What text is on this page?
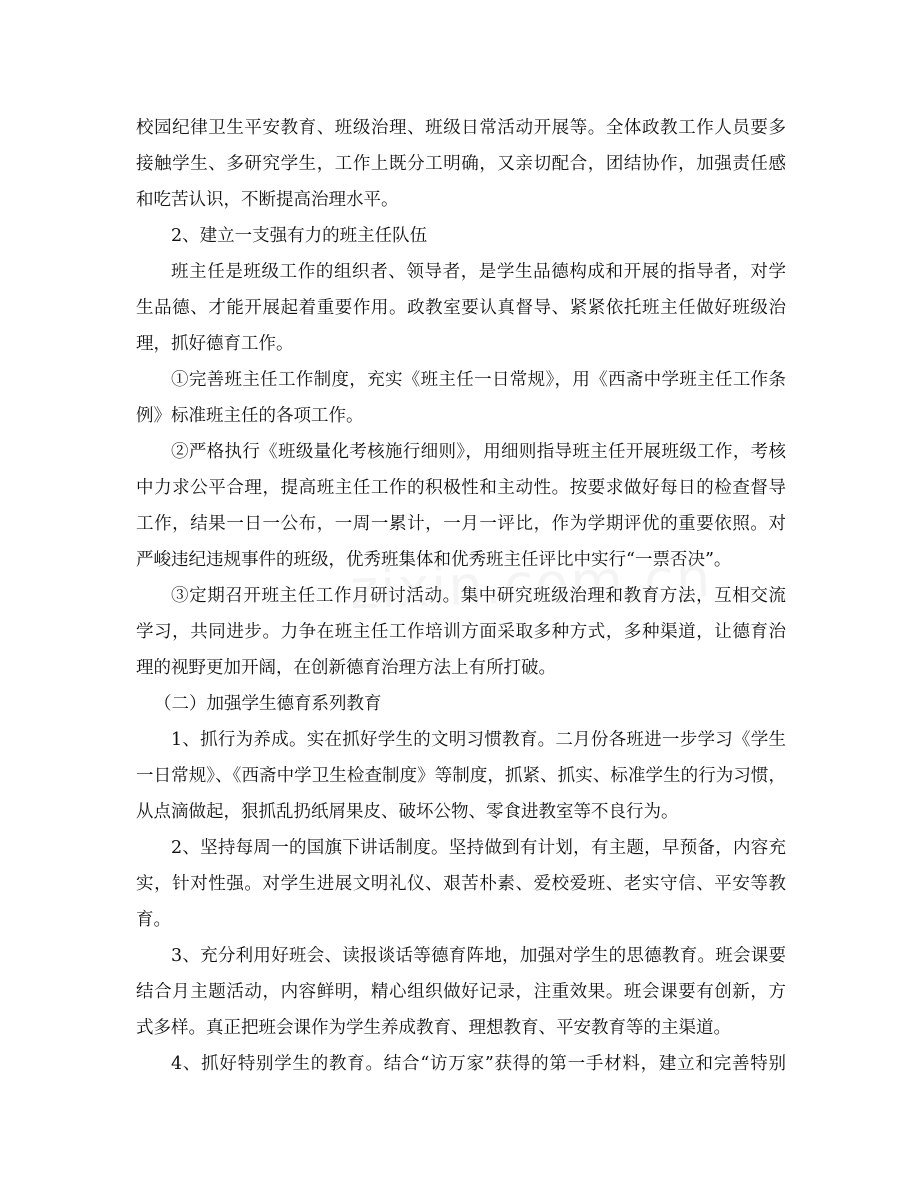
校园纪律卫生平安教育、班级治理、班级日常活动开展等。全体政教工作人员要多
接触学生、多研究学生，工作上既分工明确，又亲切配合，团结协作，加强责任感
和吃苦认识，不断提高治理水平。
2、建立一支强有力的班主任队伍
班主任是班级工作的组织者、领导者，是学生品德构成和开展的指导者，对学
生品德、才能开展起着重要作用。政教室要认真督导、紧紧依托班主任做好班级治
理，抓好德育工作。
①完善班主任工作制度，充实《班主任一日常规》，用《西斋中学班主任工作条
例》标准班主任的各项工作。
②严格执行《班级量化考核施行细则》，用细则指导班主任开展班级工作，考核
中力求公平合理，提高班主任工作的积极性和主动性。按要求做好每日的检查督导
工作，结果一日一公布，一周一累计，一月一评比，作为学期评优的重要依照。对
严峻违纪违规事件的班级，优秀班集体和优秀班主任评比中实行“一票否决”。
③定期召开班主任工作月研讨活动。集中研究班级治理和教育方法，互相交流
学习，共同进步。力争在班主任工作培训方面采取多种方式，多种渠道，让德育治
理的视野更加开阔，在创新德育治理方法上有所打破。
（二）加强学生德育系列教育
1、抓行为养成。实在抓好学生的文明习惯教育。二月份各班进一步学习《学生
一日常规》、《西斋中学卫生检查制度》等制度，抓紧、抓实、标准学生的行为习惯，
从点滴做起，狠抓乱扔纸屑果皮、破坏公物、零食进教室等不良行为。
2、坚持每周一的国旗下讲话制度。坚持做到有计划，有主题，早预备，内容充
实，针对性强。对学生进展文明礼仪、艰苦朴素、爱校爱班、老实守信、平安等教
育。
3、充分利用好班会、读报谈话等德育阵地，加强对学生的思德教育。班会课要
结合月主题活动，内容鲜明，精心组织做好记录，注重效果。班会课要有创新，方
式多样。真正把班会课作为学生养成教育、理想教育、平安教育等的主渠道。
4、抓好特别学生的教育。结合“访万家”获得的第一手材料，建立和完善特别
